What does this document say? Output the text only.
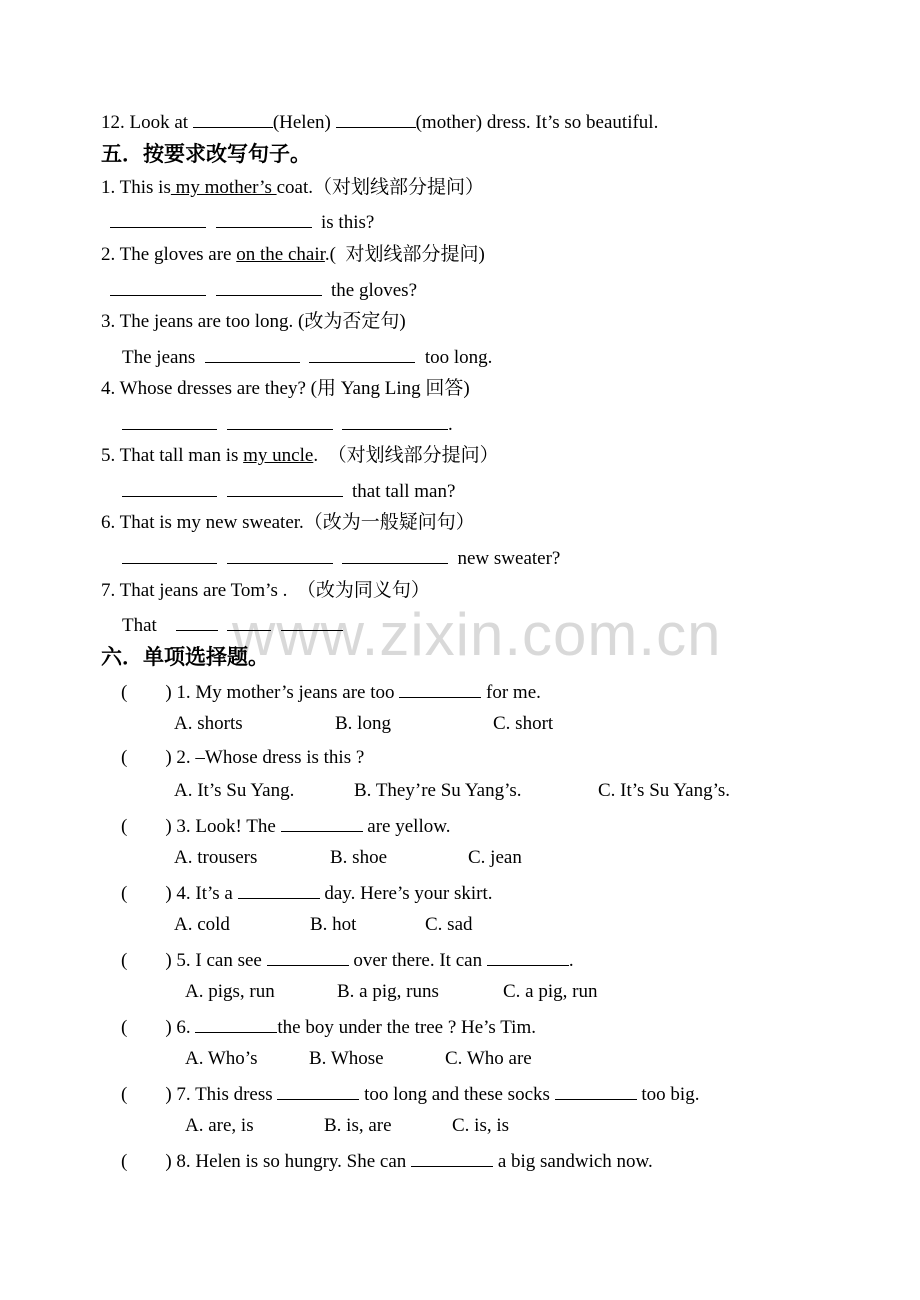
www.zixin.com.cn
12. Look at	(Helen)	(mother) dress. It’s so beautiful.
五．按要求改写句子。
1. This is my mother’s coat.（对划线部分提问）
is this?
2. The gloves are on the chair.(  对划线部分提问)
the gloves?
3. The jeans are too long. (改为否定句)
The jeans	too long.
4. Whose dresses are they? (用 Yang Ling 回答)
.
5. That tall man is my uncle.  （对划线部分提问）
that tall man?
6. That is my new sweater.（改为一般疑问句）
new sweater?
7. That jeans are Tom’s .  （改为同义句）
That
六．单项选择题。
(        ) 1. My mother’s jeans are too	for me.
A. shorts	B. long	C. short
(        ) 2. –Whose dress is this ?
A. It’s Su Yang.	B. They’re Su Yang’s.	C. It’s Su Yang’s.
(        ) 3. Look! The	are yellow.
A. trousers	B. shoe	C. jean
(        ) 4. It’s a	day. Here’s your skirt.
A. cold	B. hot	C. sad
(        ) 5. I can see	over there. It can	.
A. pigs, run	B. a pig, runs	C. a pig, run
(        ) 6.	the boy under the tree ? He’s Tim.
A. Who’s	B. Whose	C. Who are
(        ) 7. This dress	too long and these socks	too big.
A. are, is	B. is, are	C. is, is
(        ) 8. Helen is so hungry. She can	a big sandwich now.
